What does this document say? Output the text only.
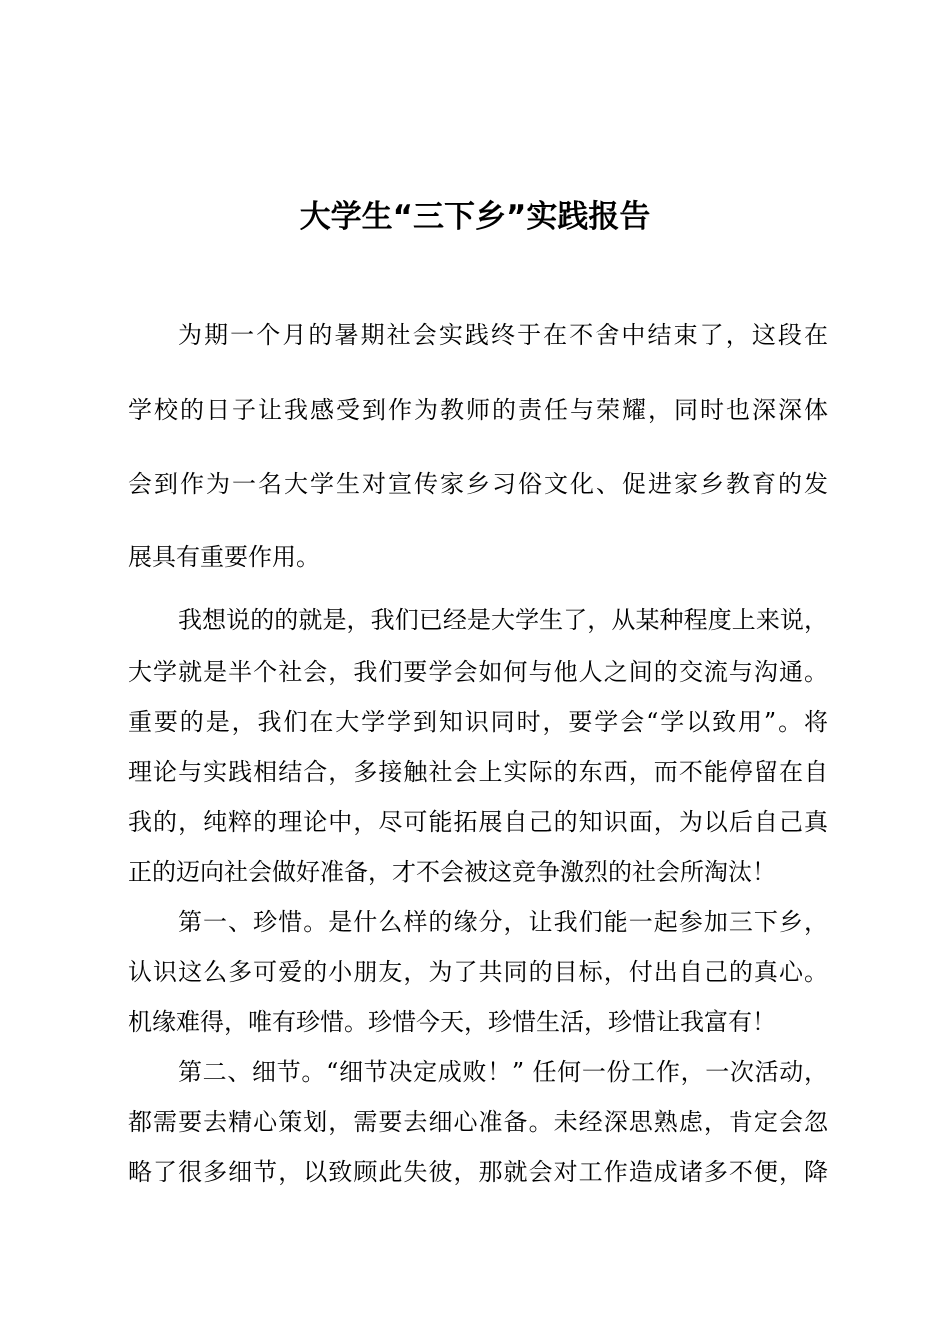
大学生“三下乡”实践报告
为期一个月的暑期社会实践终于在不舍中结束了，这段在
学校的日子让我感受到作为教师的责任与荣耀，同时也深深体
会到作为一名大学生对宣传家乡习俗文化、促进家乡教育的发
展具有重要作用。
我想说的的就是，我们已经是大学生了，从某种程度上来说，
大学就是半个社会，我们要学会如何与他人之间的交流与沟通。
重要的是，我们在大学学到知识同时，要学会“学以致用”。将
理论与实践相结合，多接触社会上实际的东西，而不能停留在自
我的，纯粹的理论中，尽可能拓展自己的知识面，为以后自己真
正的迈向社会做好准备，才不会被这竞争激烈的社会所淘汰！
第一、珍惜。是什么样的缘分，让我们能一起参加三下乡，
认识这么多可爱的小朋友，为了共同的目标，付出自己的真心。
机缘难得，唯有珍惜。珍惜今天，珍惜生活，珍惜让我富有！
第二、细节。“细节决定成败！” 任何一份工作，一次活动，
都需要去精心策划，需要去细心准备。未经深思熟虑，肯定会忽
略了很多细节，以致顾此失彼，那就会对工作造成诸多不便，降
